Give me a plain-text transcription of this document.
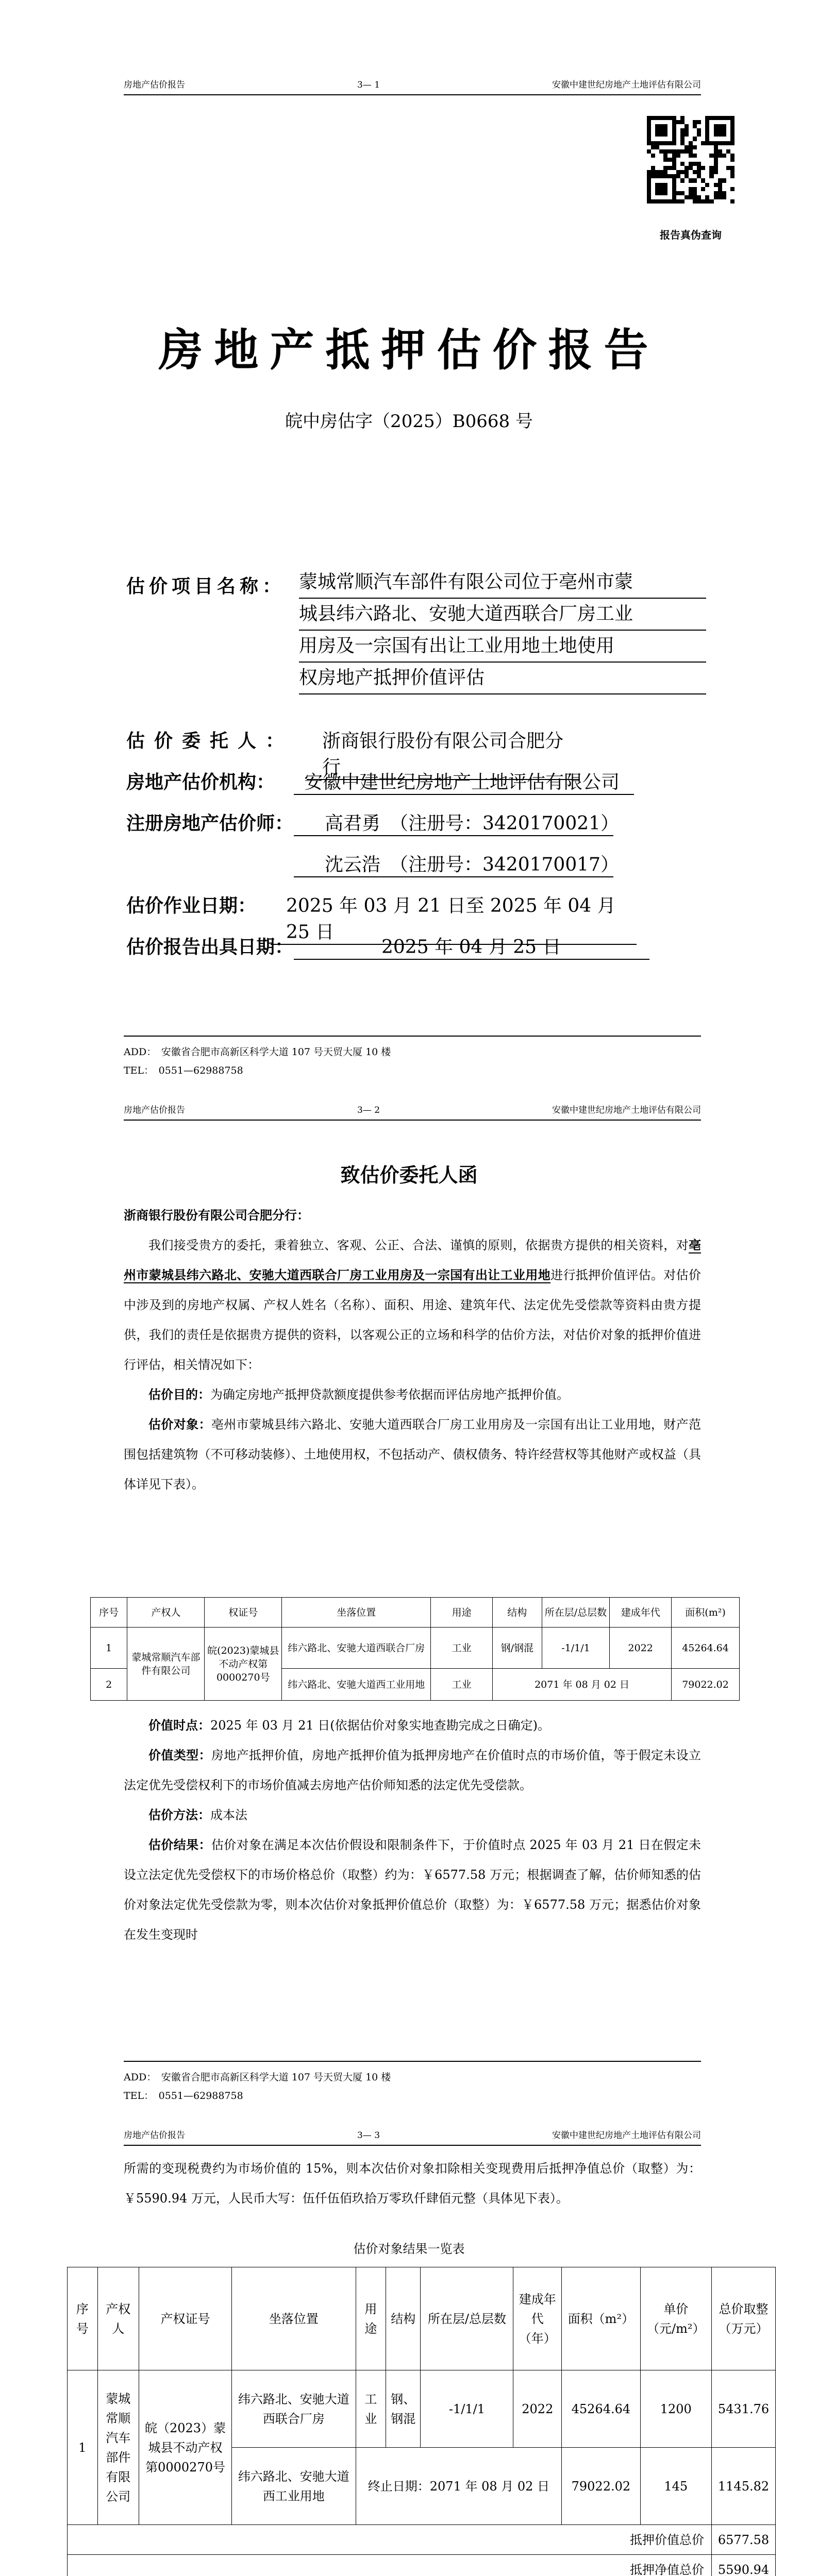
房地产估价报告	3— 1	安徽中建世纪房地产土地评估有限公司
报告真伪查询
房地产抵押估价报告
皖中房估字（2025）B0668 号
估价项目名称： 蒙城常顺汽车部件有限公司位于亳州市蒙 城县纬六路北、安驰大道西联合厂房工业 用房及一宗国有出让工业用地土地使用 权房地产抵押价值评估
估价委托人：	浙商银行股份有限公司合肥分行
房地产估价机构：	安徽中建世纪房地产土地评估有限公司
注册房地产估价师：	高君勇　（注册号：3420170021）
沈云浩　（注册号：3420170017）
估价作业日期：	2025 年 03 月 21 日至 2025 年 04 月 25 日
估价报告出具日期：	2025 年 04 月 25 日
ADD：　安徽省合肥市高新区科学大道 107 号天贸大厦 10 楼
TEL：　0551—62988758
房地产估价报告	3— 2	安徽中建世纪房地产土地评估有限公司
致估价委托人函

浙商银行股份有限公司合肥分行：

我们接受贵方的委托，秉着独立、客观、公正、合法、谨慎的原则，依据贵方提供的相关资料，对亳州市蒙城县纬六路北、安驰大道西联合厂房工业用房及一宗国有出让工业用地进行抵押价值评估。对估价中涉及到的房地产权属、产权人姓名（名称）、面积、用途、建筑年代、法定优先受偿款等资料由贵方提供，我们的责任是依据贵方提供的资料，以客观公正的立场和科学的估价方法，对估价对象的抵押价值进行评估，相关情况如下：

估价目的：为确定房地产抵押贷款额度提供参考依据而评估房地产抵押价值。

估价对象：亳州市蒙城县纬六路北、安驰大道西联合厂房工业用房及一宗国有出让工业用地，财产范围包括建筑物（不可移动装修）、土地使用权，不包括动产、债权债务、特许经营权等其他财产或权益（具体详见下表）。

序号	产权人	权证号	坐落位置	用途	结构	所在层/总层数	建成年代	面积(m²)
1	蒙城常顺汽车部件有限公司	皖(2023)蒙城县不动产权第0000270号	纬六路北、安驰大道西联合厂房	工业	钢/钢混	-1/1/1	2022	45264.64
2			纬六路北、安驰大道西工业用地	工业	2071 年 08 月 02 日			79022.02

价值时点：2025 年 03 月 21 日(依据估价对象实地查勘完成之日确定)。

价值类型：房地产抵押价值，房地产抵押价值为抵押房地产在价值时点的市场价值，等于假定未设立法定优先受偿权利下的市场价值减去房地产估价师知悉的法定优先受偿款。

估价方法：成本法

估价结果：估价对象在满足本次估价假设和限制条件下，于价值时点 2025 年 03 月 21 日在假定未设立法定优先受偿权下的市场价格总价（取整）约为：￥6577.58 万元；根据调查了解，估价师知悉的估价对象法定优先受偿款为零，则本次估价对象抵押价值总价（取整）为：￥6577.58 万元；据悉估价对象在发生变现时

ADD：　安徽省合肥市高新区科学大道 107 号天贸大厦 10 楼
TEL：　0551—62988758
房地产估价报告	3— 3	安徽中建世纪房地产土地评估有限公司

所需的变现税费约为市场价值的 15%，则本次估价对象扣除相关变现费用后抵押净值总价（取整）为：￥5590.94 万元，人民币大写：伍仟伍佰玖拾万零玖仟肆佰元整（具体见下表）。

估价对象结果一览表
序号	产权人	产权证号	坐落位置	用途	结构	所在层/总层数	建成年代（年）	面积（m²）	单价（元/m²）	总价取整（万元）
1	蒙城常顺汽车部件有限公司	皖（2023）蒙城县不动产权第0000270号	纬六路北、安驰大道西联合厂房	工业	钢、钢混	-1/1/1	2022	45264.64	1200	5431.76
			纬六路北、安驰大道西工业用地	终止日期：2071 年 08 月 02 日				79022.02	145	1145.82
抵押价值总价										6577.58
抵押净值总价										5590.94
